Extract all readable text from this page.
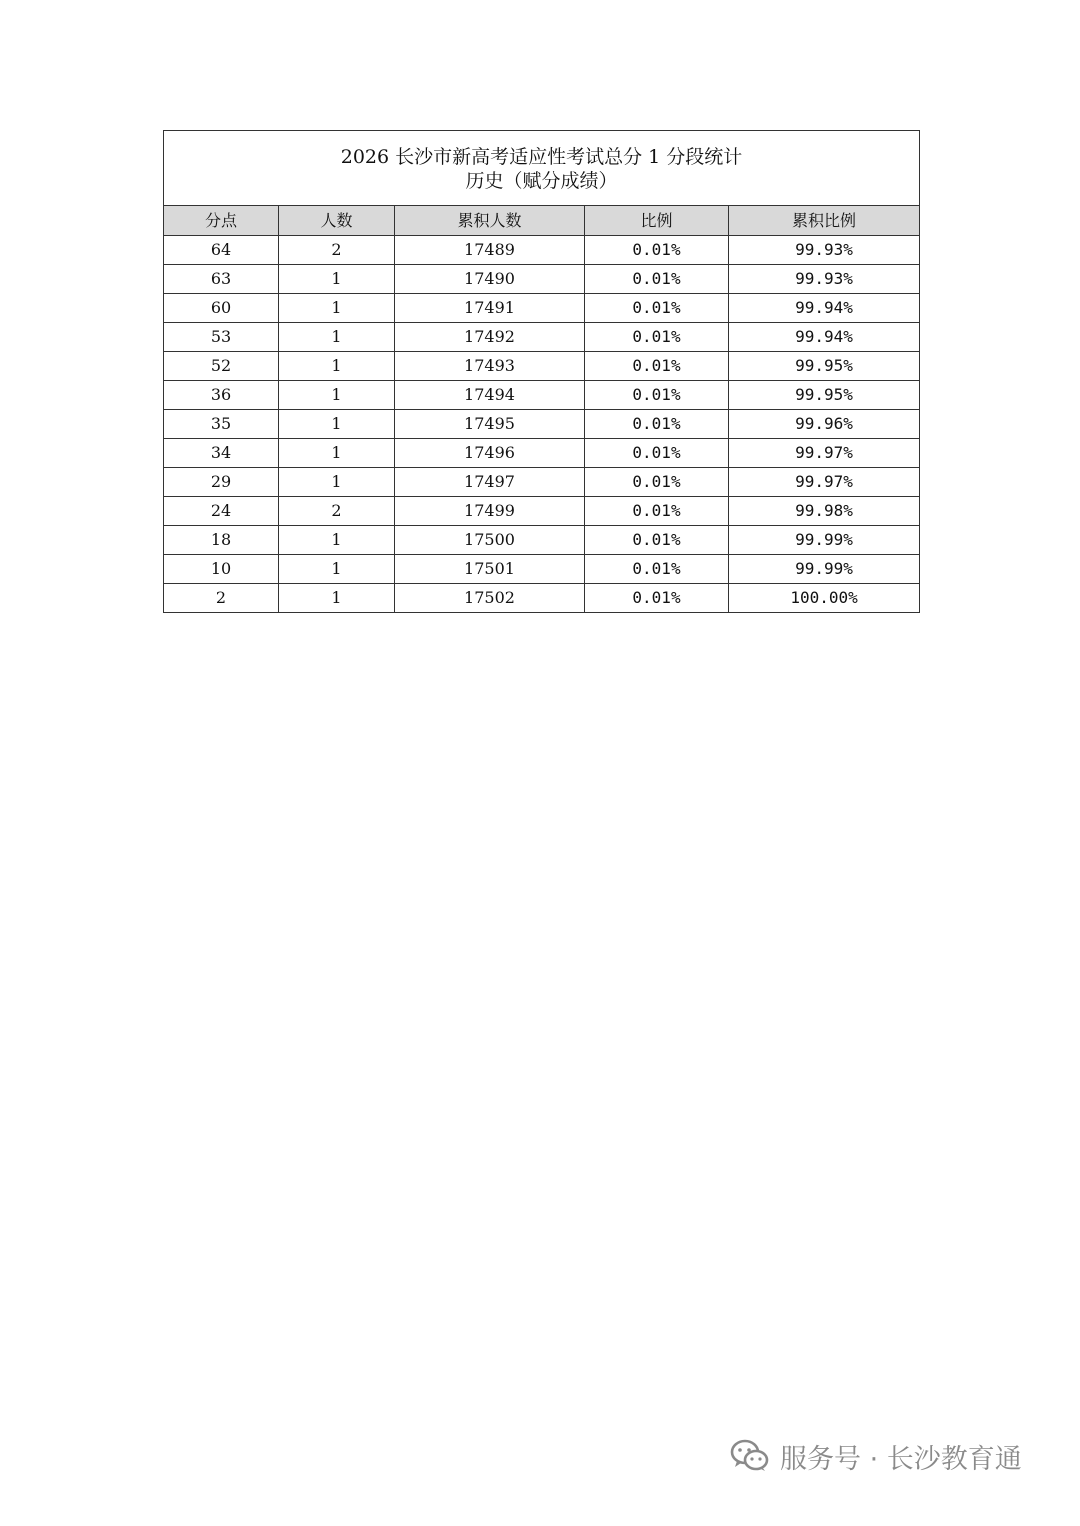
2026 长沙市新高考适应性考试总分 1 分段统计
历史（赋分成绩）				

分点	人数	累积人数	比例	累积比例
64	2	17489	0.01%	99.93%
63	1	17490	0.01%	99.93%
60	1	17491	0.01%	99.94%
53	1	17492	0.01%	99.94%
52	1	17493	0.01%	99.95%
36	1	17494	0.01%	99.95%
35	1	17495	0.01%	99.96%
34	1	17496	0.01%	99.97%
29	1	17497	0.01%	99.97%
24	2	17499	0.01%	99.98%
18	1	17500	0.01%	99.99%
10	1	17501	0.01%	99.99%
2	1	17502	0.01%	100.00%
服务号 · 长沙教育通
